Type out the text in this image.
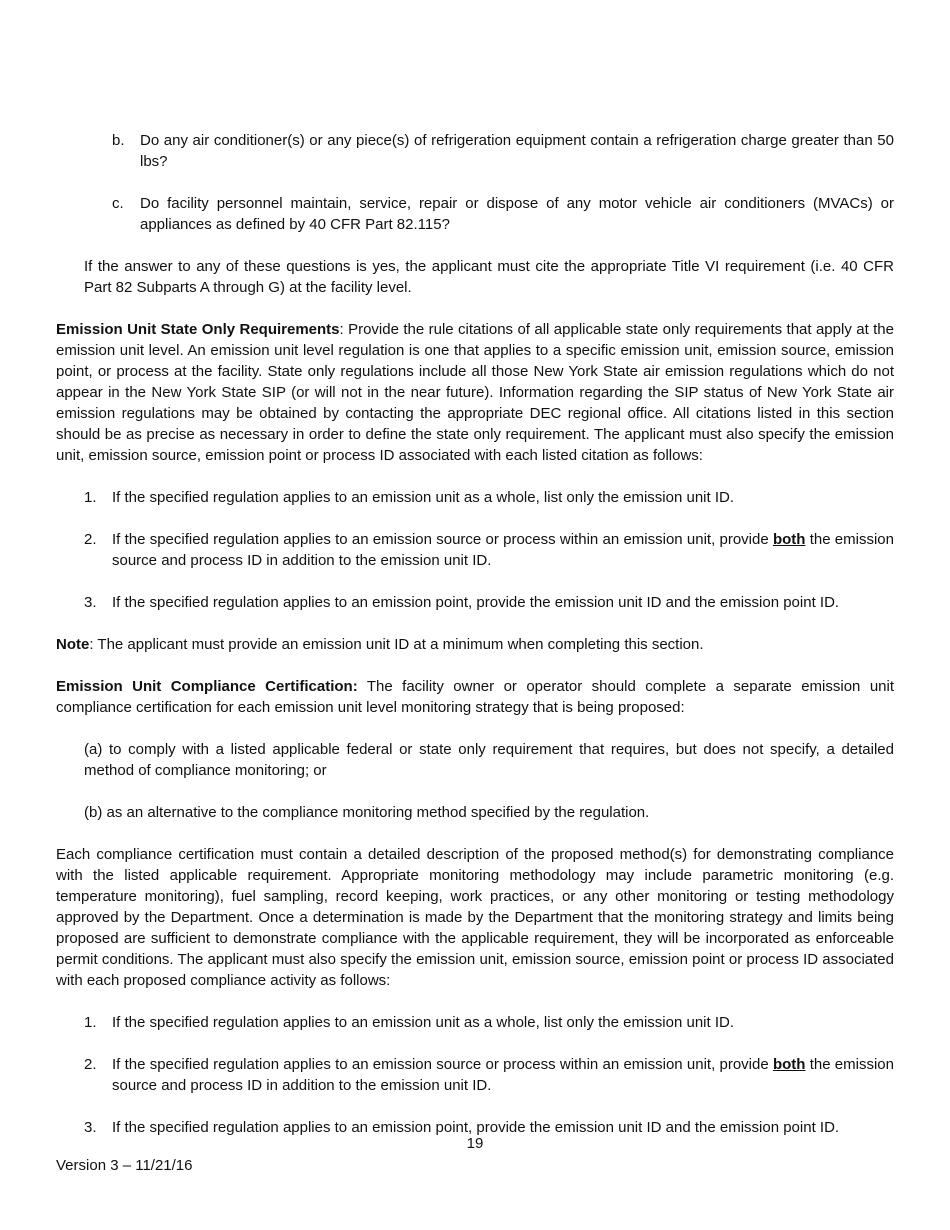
b. Do any air conditioner(s) or any piece(s) of refrigeration equipment contain a refrigeration charge greater than 50 lbs?
c. Do facility personnel maintain, service, repair or dispose of any motor vehicle air conditioners (MVACs) or appliances as defined by 40 CFR Part 82.115?

If the answer to any of these questions is yes, the applicant must cite the appropriate Title VI requirement (i.e. 40 CFR Part 82 Subparts A through G) at the facility level.

Emission Unit State Only Requirements: Provide the rule citations of all applicable state only requirements that apply at the emission unit level. An emission unit level regulation is one that applies to a specific emission unit, emission source, emission point, or process at the facility. State only regulations include all those New York State air emission regulations which do not appear in the New York State SIP (or will not in the near future). Information regarding the SIP status of New York State air emission regulations may be obtained by contacting the appropriate DEC regional office. All citations listed in this section should be as precise as necessary in order to define the state only requirement. The applicant must also specify the emission unit, emission source, emission point or process ID associated with each listed citation as follows:

1. If the specified regulation applies to an emission unit as a whole, list only the emission unit ID.
2. If the specified regulation applies to an emission source or process within an emission unit, provide both the emission source and process ID in addition to the emission unit ID.
3. If the specified regulation applies to an emission point, provide the emission unit ID and the emission point ID.

Note: The applicant must provide an emission unit ID at a minimum when completing this section.

Emission Unit Compliance Certification: The facility owner or operator should complete a separate emission unit compliance certification for each emission unit level monitoring strategy that is being proposed:

(a) to comply with a listed applicable federal or state only requirement that requires, but does not specify, a detailed method of compliance monitoring; or

(b) as an alternative to the compliance monitoring method specified by the regulation.

Each compliance certification must contain a detailed description of the proposed method(s) for demonstrating compliance with the listed applicable requirement. Appropriate monitoring methodology may include parametric monitoring (e.g. temperature monitoring), fuel sampling, record keeping, work practices, or any other monitoring or testing methodology approved by the Department. Once a determination is made by the Department that the monitoring strategy and limits being proposed are sufficient to demonstrate compliance with the applicable requirement, they will be incorporated as enforceable permit conditions. The applicant must also specify the emission unit, emission source, emission point or process ID associated with each proposed compliance activity as follows:

1. If the specified regulation applies to an emission unit as a whole, list only the emission unit ID.
2. If the specified regulation applies to an emission source or process within an emission unit, provide both the emission source and process ID in addition to the emission unit ID.
3. If the specified regulation applies to an emission point, provide the emission unit ID and the emission point ID.
19
Version 3 – 11/21/16
